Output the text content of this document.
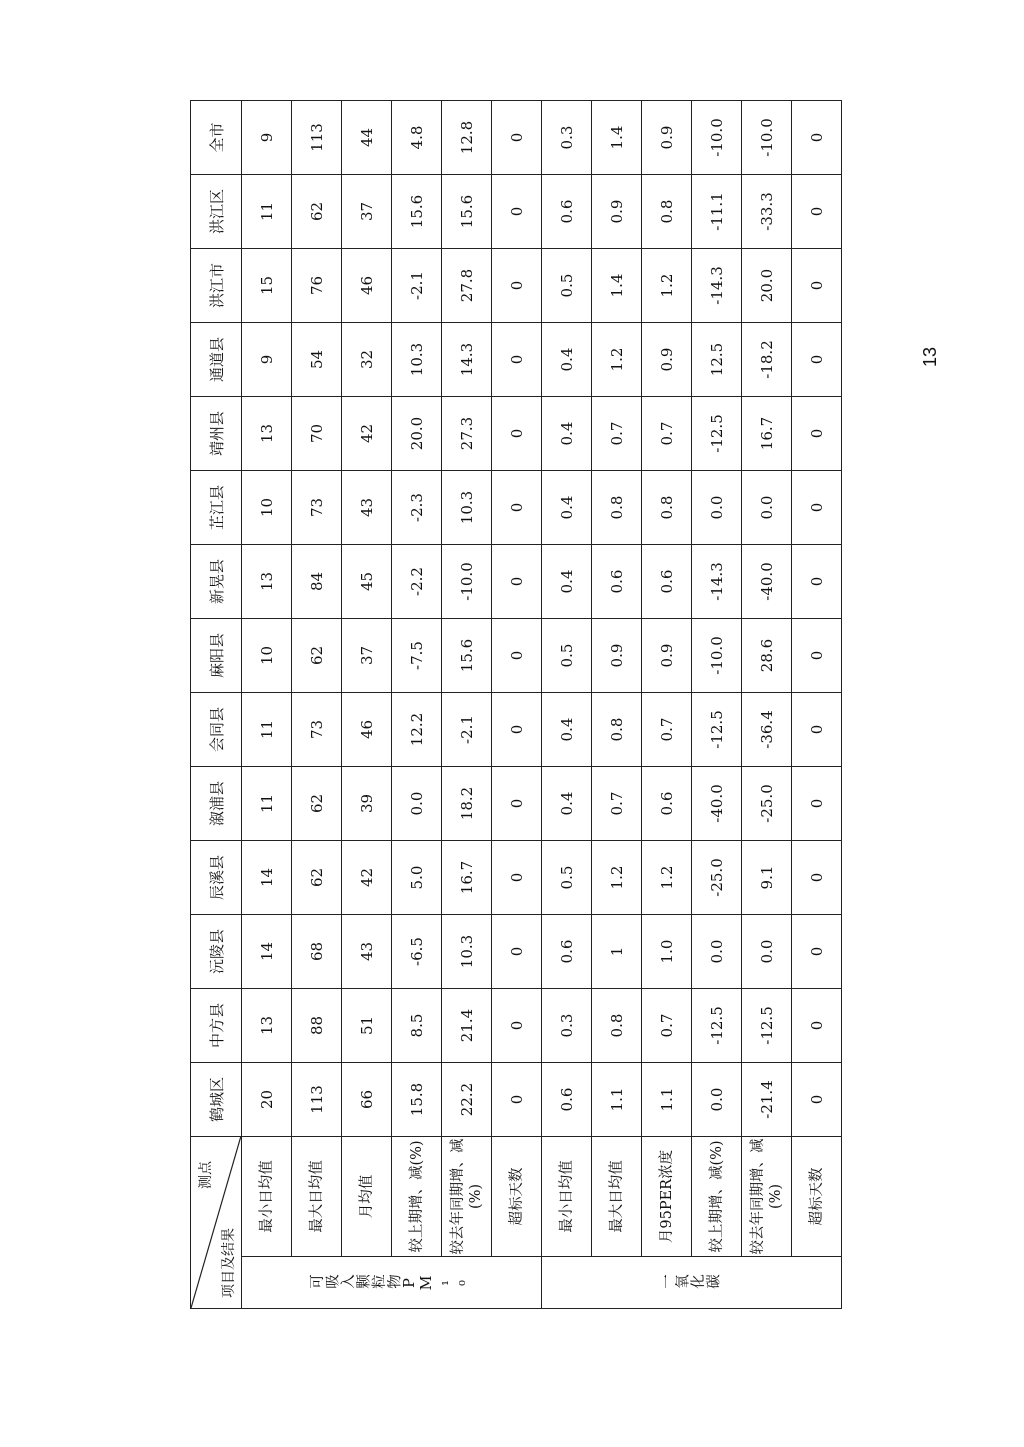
测点
项目及结果		鹤城区	中方县	沅陵县	辰溪县	溆浦县	会同县	麻阳县	新晃县	芷江县	靖州县	通道县	洪江市	洪江区	全市
可吸入颗粒物PM₁₀	最小日均值	20	13	14	14	11	11	10	13	10	13	9	15	11	9
	最大日均值	113	88	68	62	62	73	62	84	73	70	54	76	62	113
	月均值	66	51	43	42	39	46	37	45	43	42	32	46	37	44
	较上期增、减(%)	15.8	8.5	-6.5	5.0	0.0	12.2	-7.5	-2.2	-2.3	20.0	10.3	-2.1	15.6	4.8
	较去年同期增、减(%)	22.2	21.4	10.3	16.7	18.2	-2.1	15.6	-10.0	10.3	27.3	14.3	27.8	15.6	12.8
	超标天数	0	0	0	0	0	0	0	0	0	0	0	0	0	0
一氧化碳	最小日均值	0.6	0.3	0.6	0.5	0.4	0.4	0.5	0.4	0.4	0.4	0.4	0.5	0.6	0.3
	最大日均值	1.1	0.8	1	1.2	0.7	0.8	0.9	0.6	0.8	0.7	1.2	1.4	0.9	1.4
	月95PER浓度	1.1	0.7	1.0	1.2	0.6	0.7	0.9	0.6	0.8	0.7	0.9	1.2	0.8	0.9
	较上期增、减(%)	0.0	-12.5	0.0	-25.0	-40.0	-12.5	-10.0	-14.3	0.0	-12.5	12.5	-14.3	-11.1	-10.0
	较去年同期增、减(%)	-21.4	-12.5	0.0	9.1	-25.0	-36.4	28.6	-40.0	0.0	16.7	-18.2	20.0	-33.3	-10.0
	超标天数	0	0	0	0	0	0	0	0	0	0	0	0	0	0
13
